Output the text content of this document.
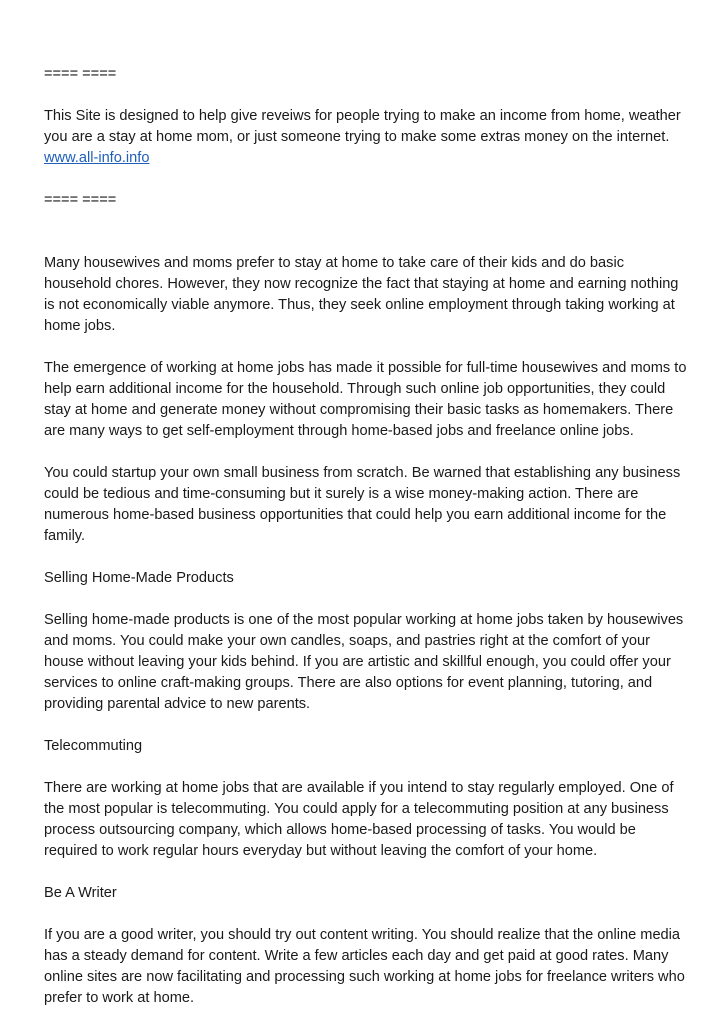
==== ====

This Site is designed to help give reveiws for people trying to make an income from home, weather you are a stay at home mom, or just someone trying to make some extras money on the internet.

www.all-info.info

==== ====

Many housewives and moms prefer to stay at home to take care of their kids and do basic household chores. However, they now recognize the fact that staying at home and earning nothing is not economically viable anymore. Thus, they seek online employment through taking working at home jobs.

The emergence of working at home jobs has made it possible for full-time housewives and moms to help earn additional income for the household. Through such online job opportunities, they could stay at home and generate money without compromising their basic tasks as homemakers. There are many ways to get self-employment through home-based jobs and freelance online jobs.

You could startup your own small business from scratch. Be warned that establishing any business could be tedious and time-consuming but it surely is a wise money-making action. There are numerous home-based business opportunities that could help you earn additional income for the family.

Selling Home-Made Products

Selling home-made products is one of the most popular working at home jobs taken by housewives and moms. You could make your own candles, soaps, and pastries right at the comfort of your house without leaving your kids behind. If you are artistic and skillful enough, you could offer your services to online craft-making groups. There are also options for event planning, tutoring, and providing parental advice to new parents.

Telecommuting

There are working at home jobs that are available if you intend to stay regularly employed. One of the most popular is telecommuting. You could apply for a telecommuting position at any business process outsourcing company, which allows home-based processing of tasks. You would be required to work regular hours everyday but without leaving the comfort of your home.

Be A Writer

If you are a good writer, you should try out content writing. You should realize that the online media has a steady demand for content. Write a few articles each day and get paid at good rates. Many online sites are now facilitating and processing such working at home jobs for freelance writers who prefer to work at home.
